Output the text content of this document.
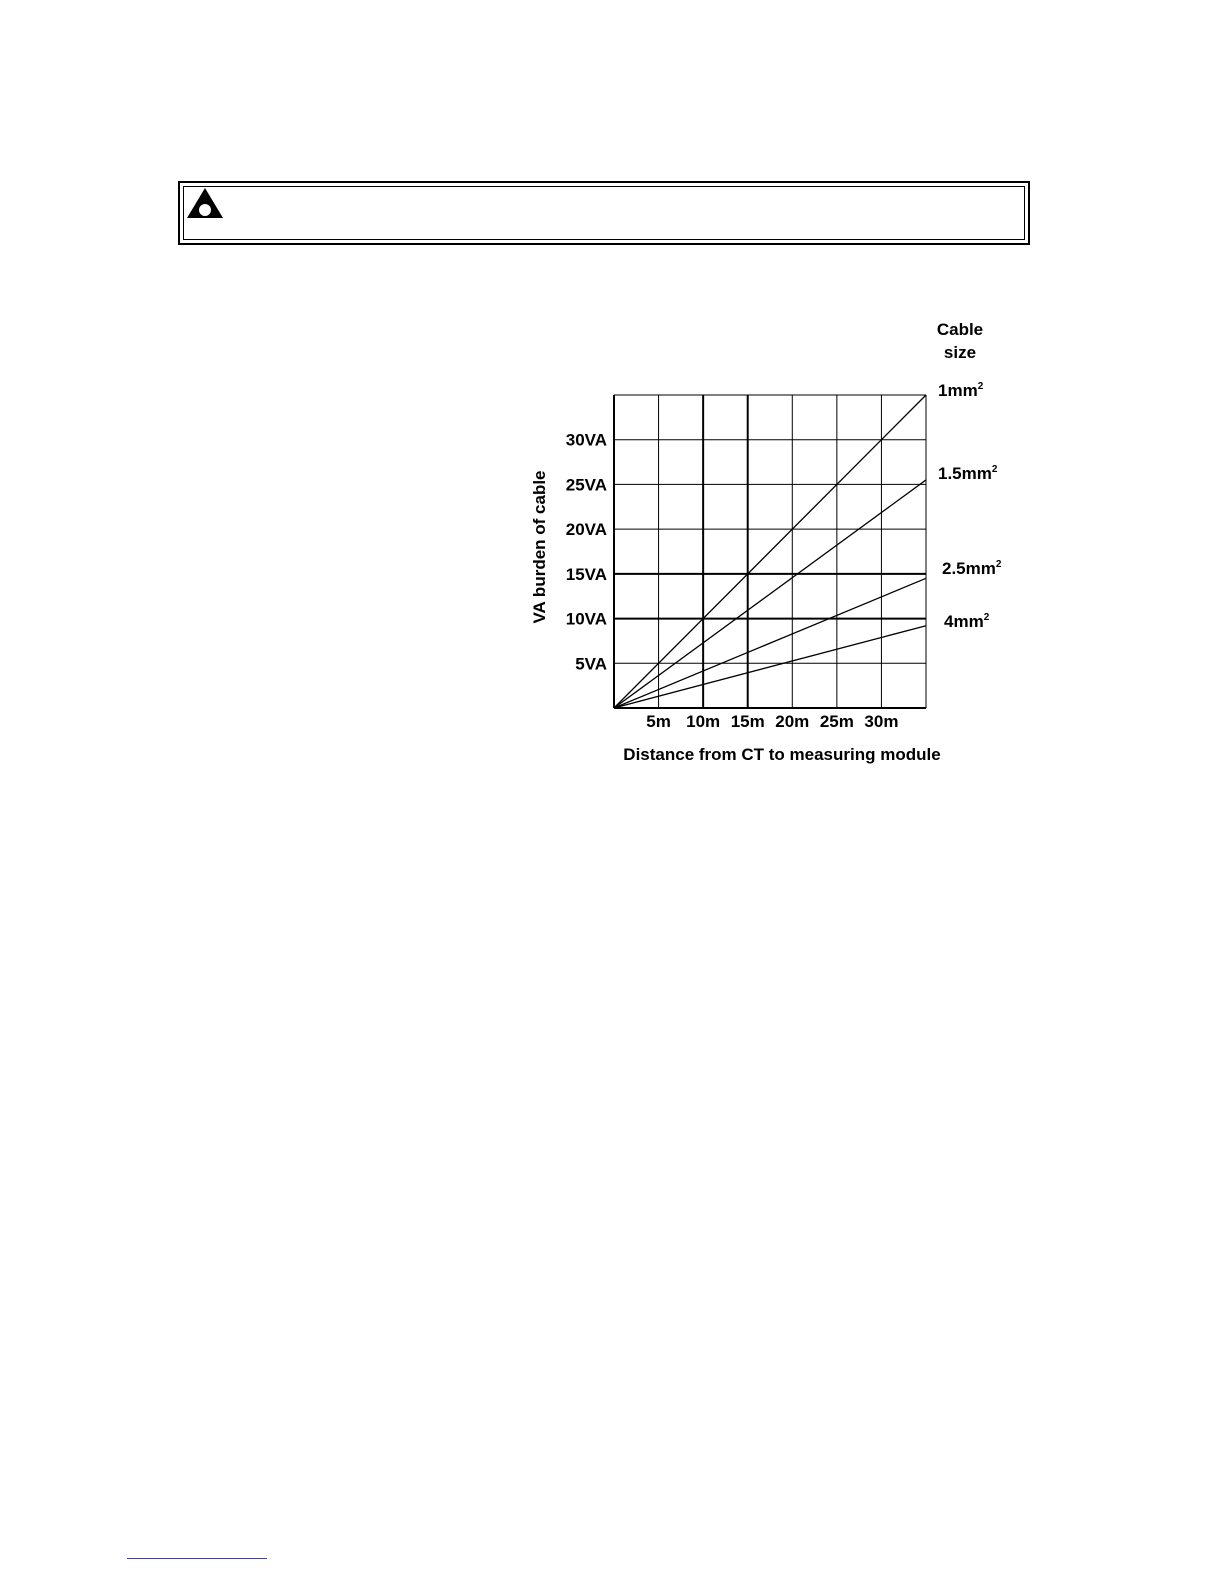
5m 10m 15m 20m 25m 30m
5VA
10VA
15VA
20VA
25VA
30VA
Distance from CT to measuring module
VA burden of cable
Cable
size
$1mm^2$
$1.5mm^2$
$2.5mm^2$
$4mm^2$
